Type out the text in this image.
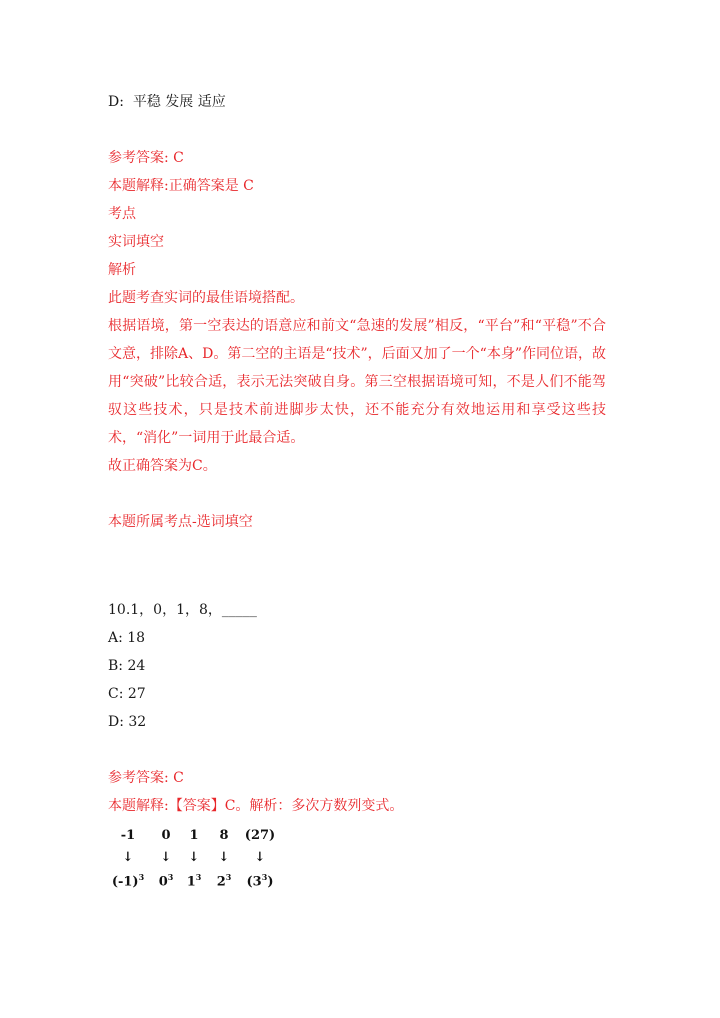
D:  平稳 发展 适应
参考答案: C
本题解释:正确答案是 C
考点
实词填空
解析
此题考查实词的最佳语境搭配。
根据语境，第一空表达的语意应和前文“急速的发展”相反，“平台”和“平稳”不合文意，排除A、D。第二空的主语是“技术”，后面又加了一个“本身”作同位语，故用“突破”比较合适，表示无法突破自身。第三空根据语境可知，不是人们不能驾驭这些技术，只是技术前进脚步太快，还不能充分有效地运用和享受这些技术，“消化”一词用于此最合适。
故正确答案为C。
本题所属考点-选词填空
10.1，0，1，8，_____
A: 18
B: 24
C: 27
D: 32
参考答案: C
本题解释:【答案】C。解析：多次方数列变式。
-1	0	1	8	(27)
↓	↓	↓	↓	↓
$(-1)^3$	$0^3$	$1^3$	$2^3$	$(3^3)$
